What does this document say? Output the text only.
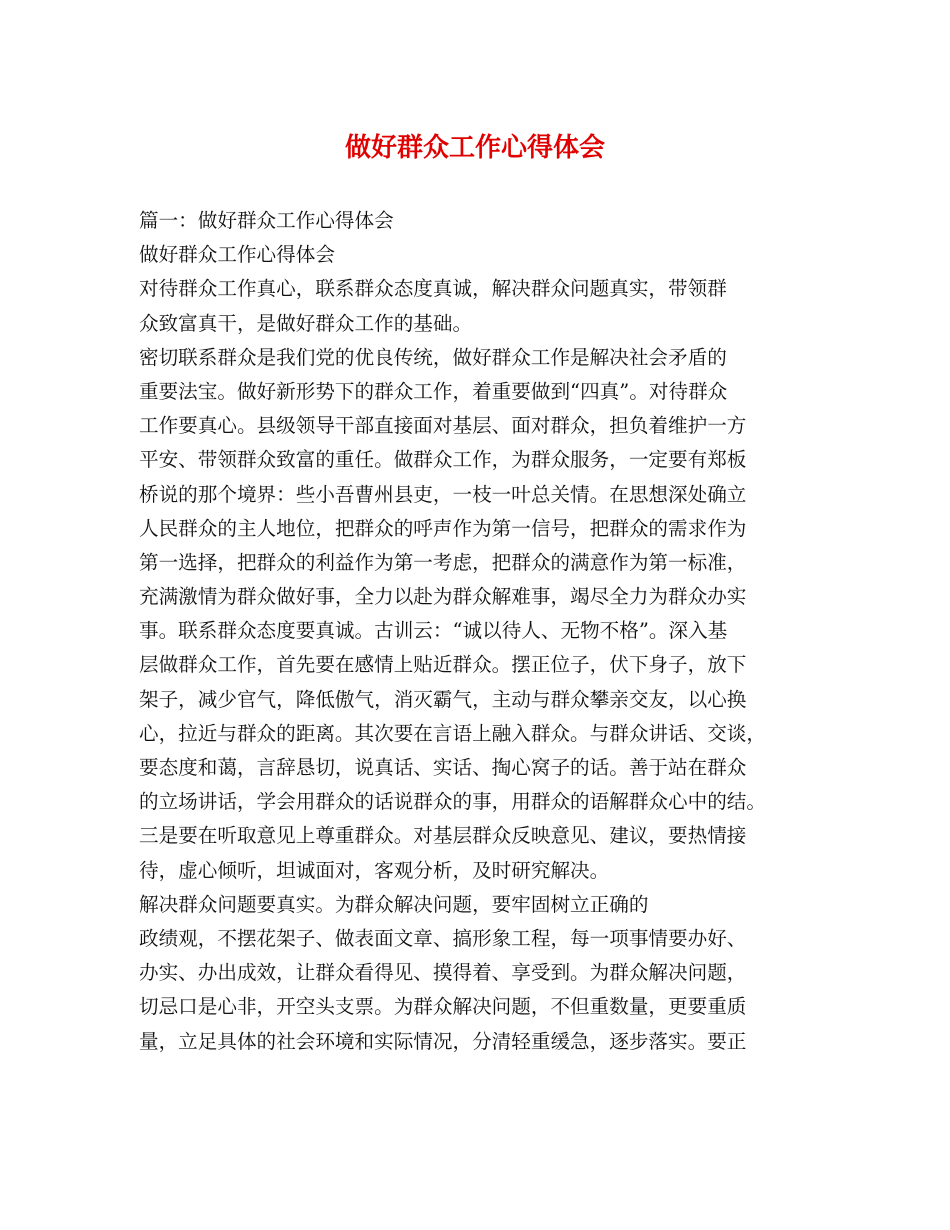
做好群众工作心得体会
篇一：做好群众工作心得体会
做好群众工作心得体会
对待群众工作真心，联系群众态度真诚，解决群众问题真实，带领群
众致富真干，是做好群众工作的基础。
密切联系群众是我们党的优良传统，做好群众工作是解决社会矛盾的
重要法宝。做好新形势下的群众工作，着重要做到“四真”。对待群众
工作要真心。县级领导干部直接面对基层、面对群众，担负着维护一方
平安、带领群众致富的重任。做群众工作，为群众服务，一定要有郑板
桥说的那个境界：些小吾曹州县吏，一枝一叶总关情。在思想深处确立
人民群众的主人地位，把群众的呼声作为第一信号，把群众的需求作为
第一选择，把群众的利益作为第一考虑，把群众的满意作为第一标准，
充满激情为群众做好事，全力以赴为群众解难事，竭尽全力为群众办实
事。联系群众态度要真诚。古训云：“诚以待人、无物不格”。深入基
层做群众工作，首先要在感情上贴近群众。摆正位子，伏下身子，放下
架子，减少官气，降低傲气，消灭霸气，主动与群众攀亲交友，以心换
心，拉近与群众的距离。其次要在言语上融入群众。与群众讲话、交谈，
要态度和蔼，言辞恳切，说真话、实话、掏心窝子的话。善于站在群众
的立场讲话，学会用群众的话说群众的事，用群众的语解群众心中的结。
三是要在听取意见上尊重群众。对基层群众反映意见、建议，要热情接
待，虚心倾听，坦诚面对，客观分析，及时研究解决。
解决群众问题要真实。为群众解决问题，要牢固树立正确的
政绩观，不摆花架子、做表面文章、搞形象工程，每一项事情要办好、
办实、办出成效，让群众看得见、摸得着、享受到。为群众解决问题，
切忌口是心非，开空头支票。为群众解决问题，不但重数量，更要重质
量，立足具体的社会环境和实际情况，分清轻重缓急，逐步落实。要正
